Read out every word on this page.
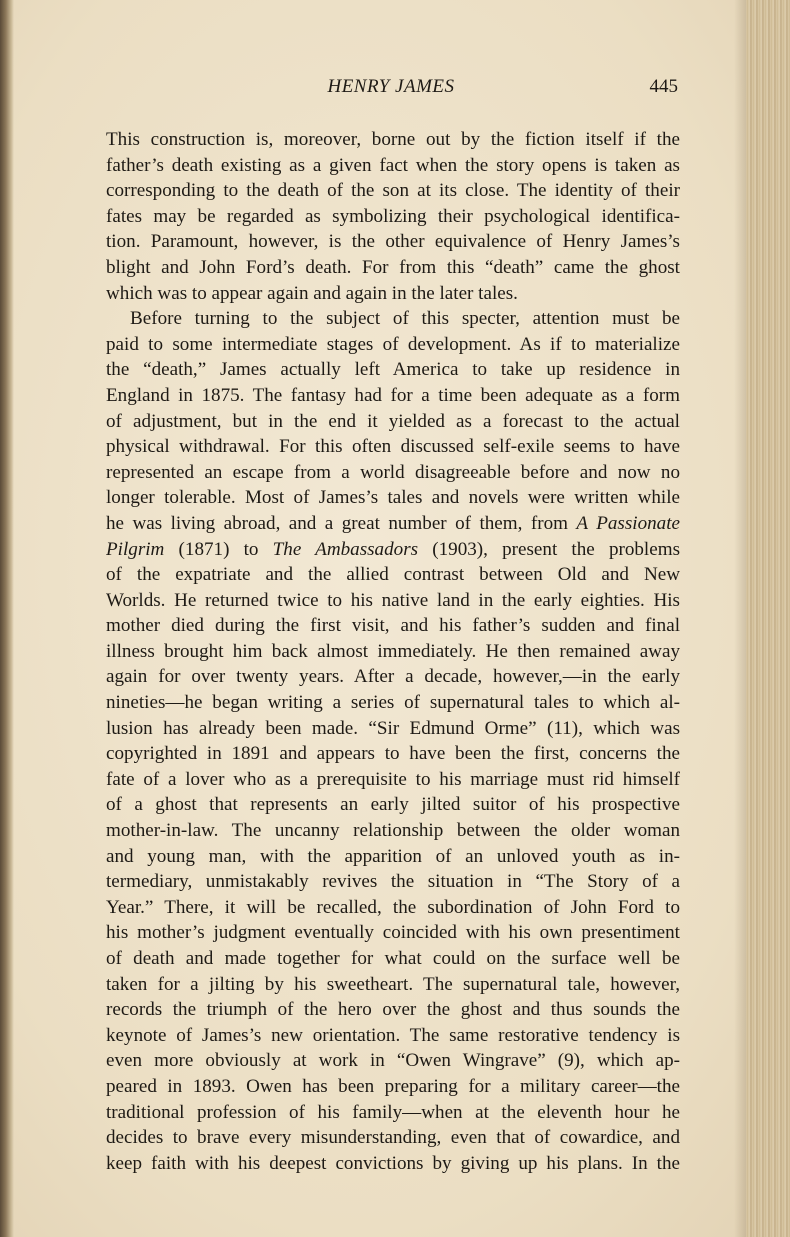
HENRY JAMES	445
This construction is, moreover, borne out by the fiction itself if the
father’s death existing as a given fact when the story opens is taken as
corresponding to the death of the son at its close. The identity of their
fates may be regarded as symbolizing their psychological identifica-
tion. Paramount, however, is the other equivalence of Henry James’s
blight and John Ford’s death. For from this “death” came the ghost
which was to appear again and again in the later tales.
Before turning to the subject of this specter, attention must be
paid to some intermediate stages of development. As if to materialize
the “death,” James actually left America to take up residence in
England in 1875. The fantasy had for a time been adequate as a form
of adjustment, but in the end it yielded as a forecast to the actual
physical withdrawal. For this often discussed self-exile seems to have
represented an escape from a world disagreeable before and now no
longer tolerable. Most of James’s tales and novels were written while
he was living abroad, and a great number of them, from A Passionate
Pilgrim (1871) to The Ambassadors (1903), present the problems
of the expatriate and the allied contrast between Old and New
Worlds. He returned twice to his native land in the early eighties. His
mother died during the first visit, and his father’s sudden and final
illness brought him back almost immediately. He then remained away
again for over twenty years. After a decade, however,—in the early
nineties—he began writing a series of supernatural tales to which al-
lusion has already been made. “Sir Edmund Orme” (11), which was
copyrighted in 1891 and appears to have been the first, concerns the
fate of a lover who as a prerequisite to his marriage must rid himself
of a ghost that represents an early jilted suitor of his prospective
mother-in-law. The uncanny relationship between the older woman
and young man, with the apparition of an unloved youth as in-
termediary, unmistakably revives the situation in “The Story of a
Year.” There, it will be recalled, the subordination of John Ford to
his mother’s judgment eventually coincided with his own presentiment
of death and made together for what could on the surface well be
taken for a jilting by his sweetheart. The supernatural tale, however,
records the triumph of the hero over the ghost and thus sounds the
keynote of James’s new orientation. The same restorative tendency is
even more obviously at work in “Owen Wingrave” (9), which ap-
peared in 1893. Owen has been preparing for a military career—the
traditional profession of his family—when at the eleventh hour he
decides to brave every misunderstanding, even that of cowardice, and
keep faith with his deepest convictions by giving up his plans. In the
